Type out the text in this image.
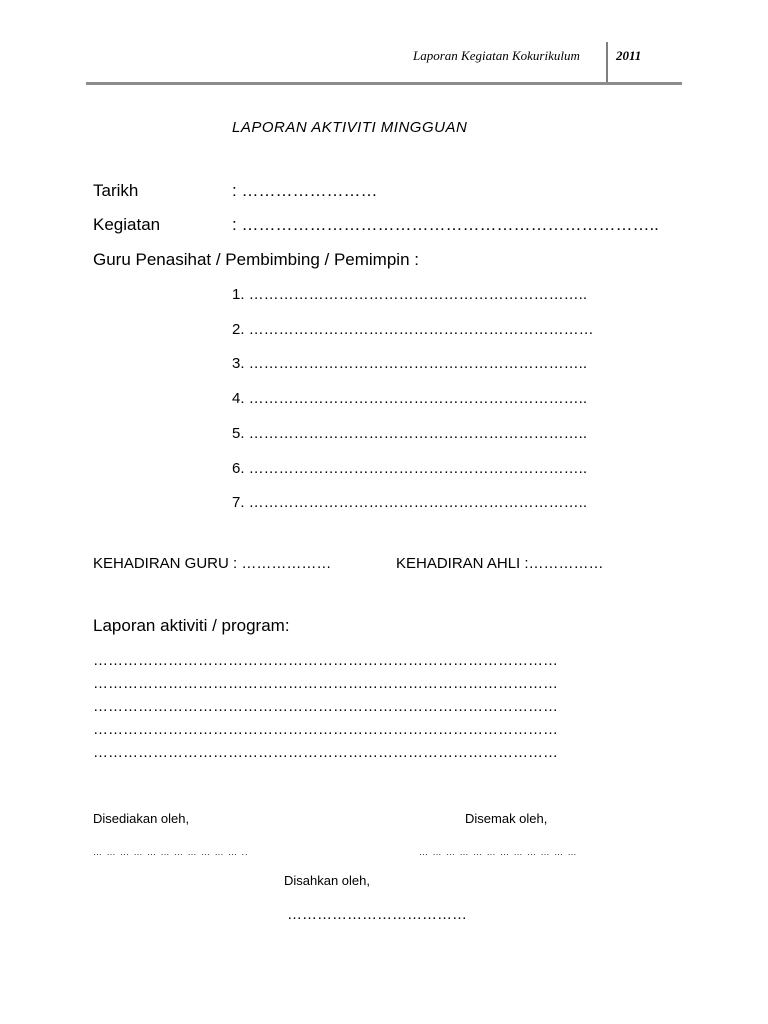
Laporan Kegiatan Kokurikulum	2011
LAPORAN AKTIVITI MINGGUAN
Tarikh	: ……………………
Kegiatan	: ………………………………………………………………..
Guru Penasihat / Pembimbing / Pemimpin :
1. …………………………………………………………..
2. ……………………………………………………………
3. …………………………………………………………..
4. …………………………………………………………..
5. …………………………………………………………..
6. …………………………………………………………..
7. …………………………………………………………..
KEHADIRAN GURU : ………………	KEHADIRAN AHLI :……………
Laporan aktiviti / program:
…………………………………………………………………………………
…………………………………………………………………………………
…………………………………………………………………………………
…………………………………………………………………………………
…………………………………………………………………………………
Disediakan oleh,
… … … … … … … … … … … ..
Disemak oleh,
… … … … … … … … … … … …
Disahkan oleh,
………………………………
